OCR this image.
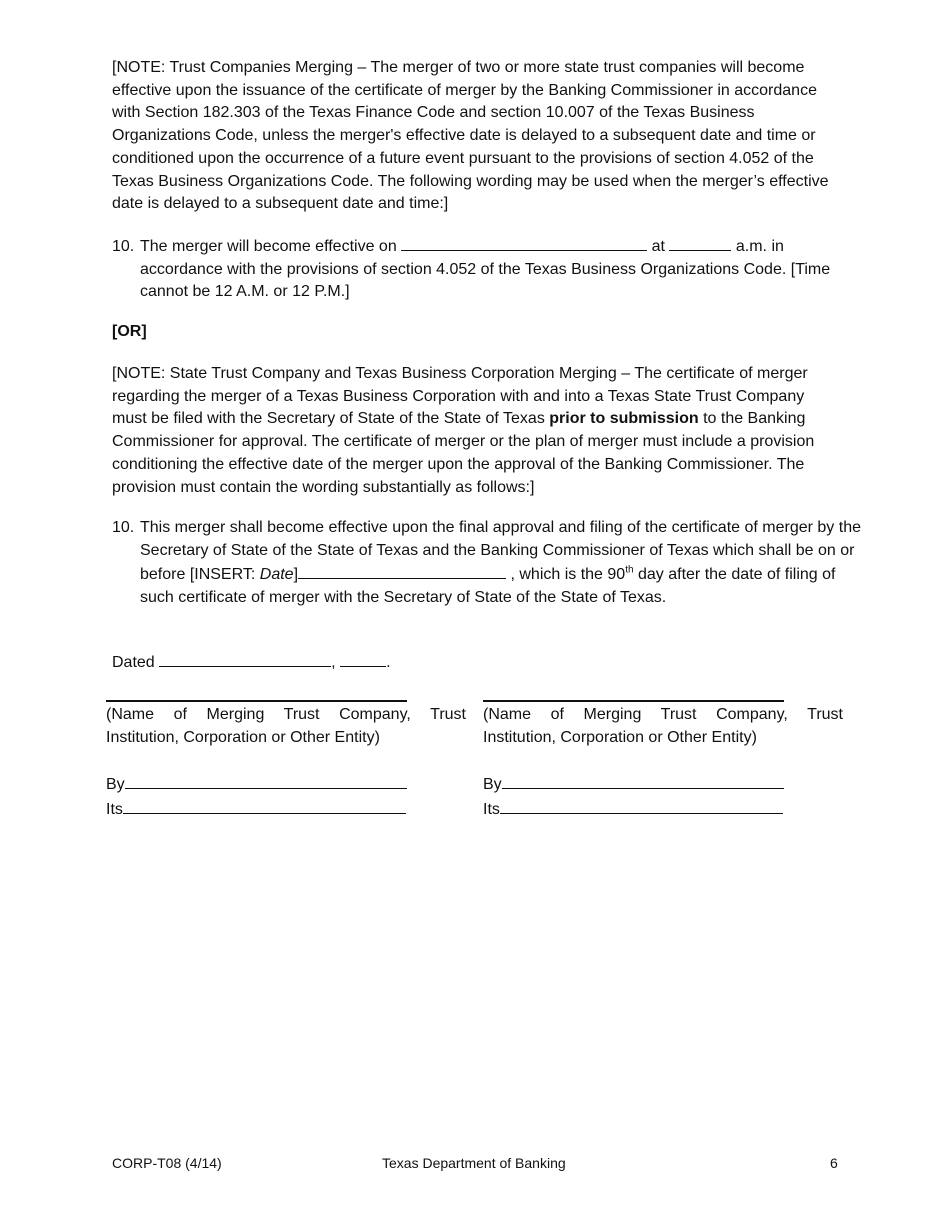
[NOTE: Trust Companies Merging – The merger of two or more state trust companies will become effective upon the issuance of the certificate of merger by the Banking Commissioner in accordance with Section 182.303 of the Texas Finance Code and section 10.007 of the Texas Business Organizations Code, unless the merger's effective date is delayed to a subsequent date and time or conditioned upon the occurrence of a future event pursuant to the provisions of section 4.052 of the Texas Business Organizations Code. The following wording may be used when the merger’s effective date is delayed to a subsequent date and time:]

10. The merger will become effective on	at	a.m. in accordance with the provisions of section 4.052 of the Texas Business Organizations Code. [Time cannot be 12 A.M. or 12 P.M.]

[OR]

[NOTE: State Trust Company and Texas Business Corporation Merging – The certificate of merger regarding the merger of a Texas Business Corporation with and into a Texas State Trust Company must be filed with the Secretary of State of the State of Texas prior to submission to the Banking Commissioner for approval. The certificate of merger or the plan of merger must include a provision conditioning the effective date of the merger upon the approval of the Banking Commissioner. The provision must contain the wording substantially as follows:]

10. This merger shall become effective upon the final approval and filing of the certificate of merger by the Secretary of State of the State of Texas and the Banking Commissioner of Texas which shall be on or before [INSERT: Date]	, which is the 90th day after the date of filing of such certificate of merger with the Secretary of State of the State of Texas.

Dated	,	.

(Name of Merging Trust Company, Trust Institution, Corporation or Other Entity)

By

Its

(Name of Merging Trust Company, Trust Institution, Corporation or Other Entity)

By

Its

CORP-T08 (4/14)	Texas Department of Banking	6
